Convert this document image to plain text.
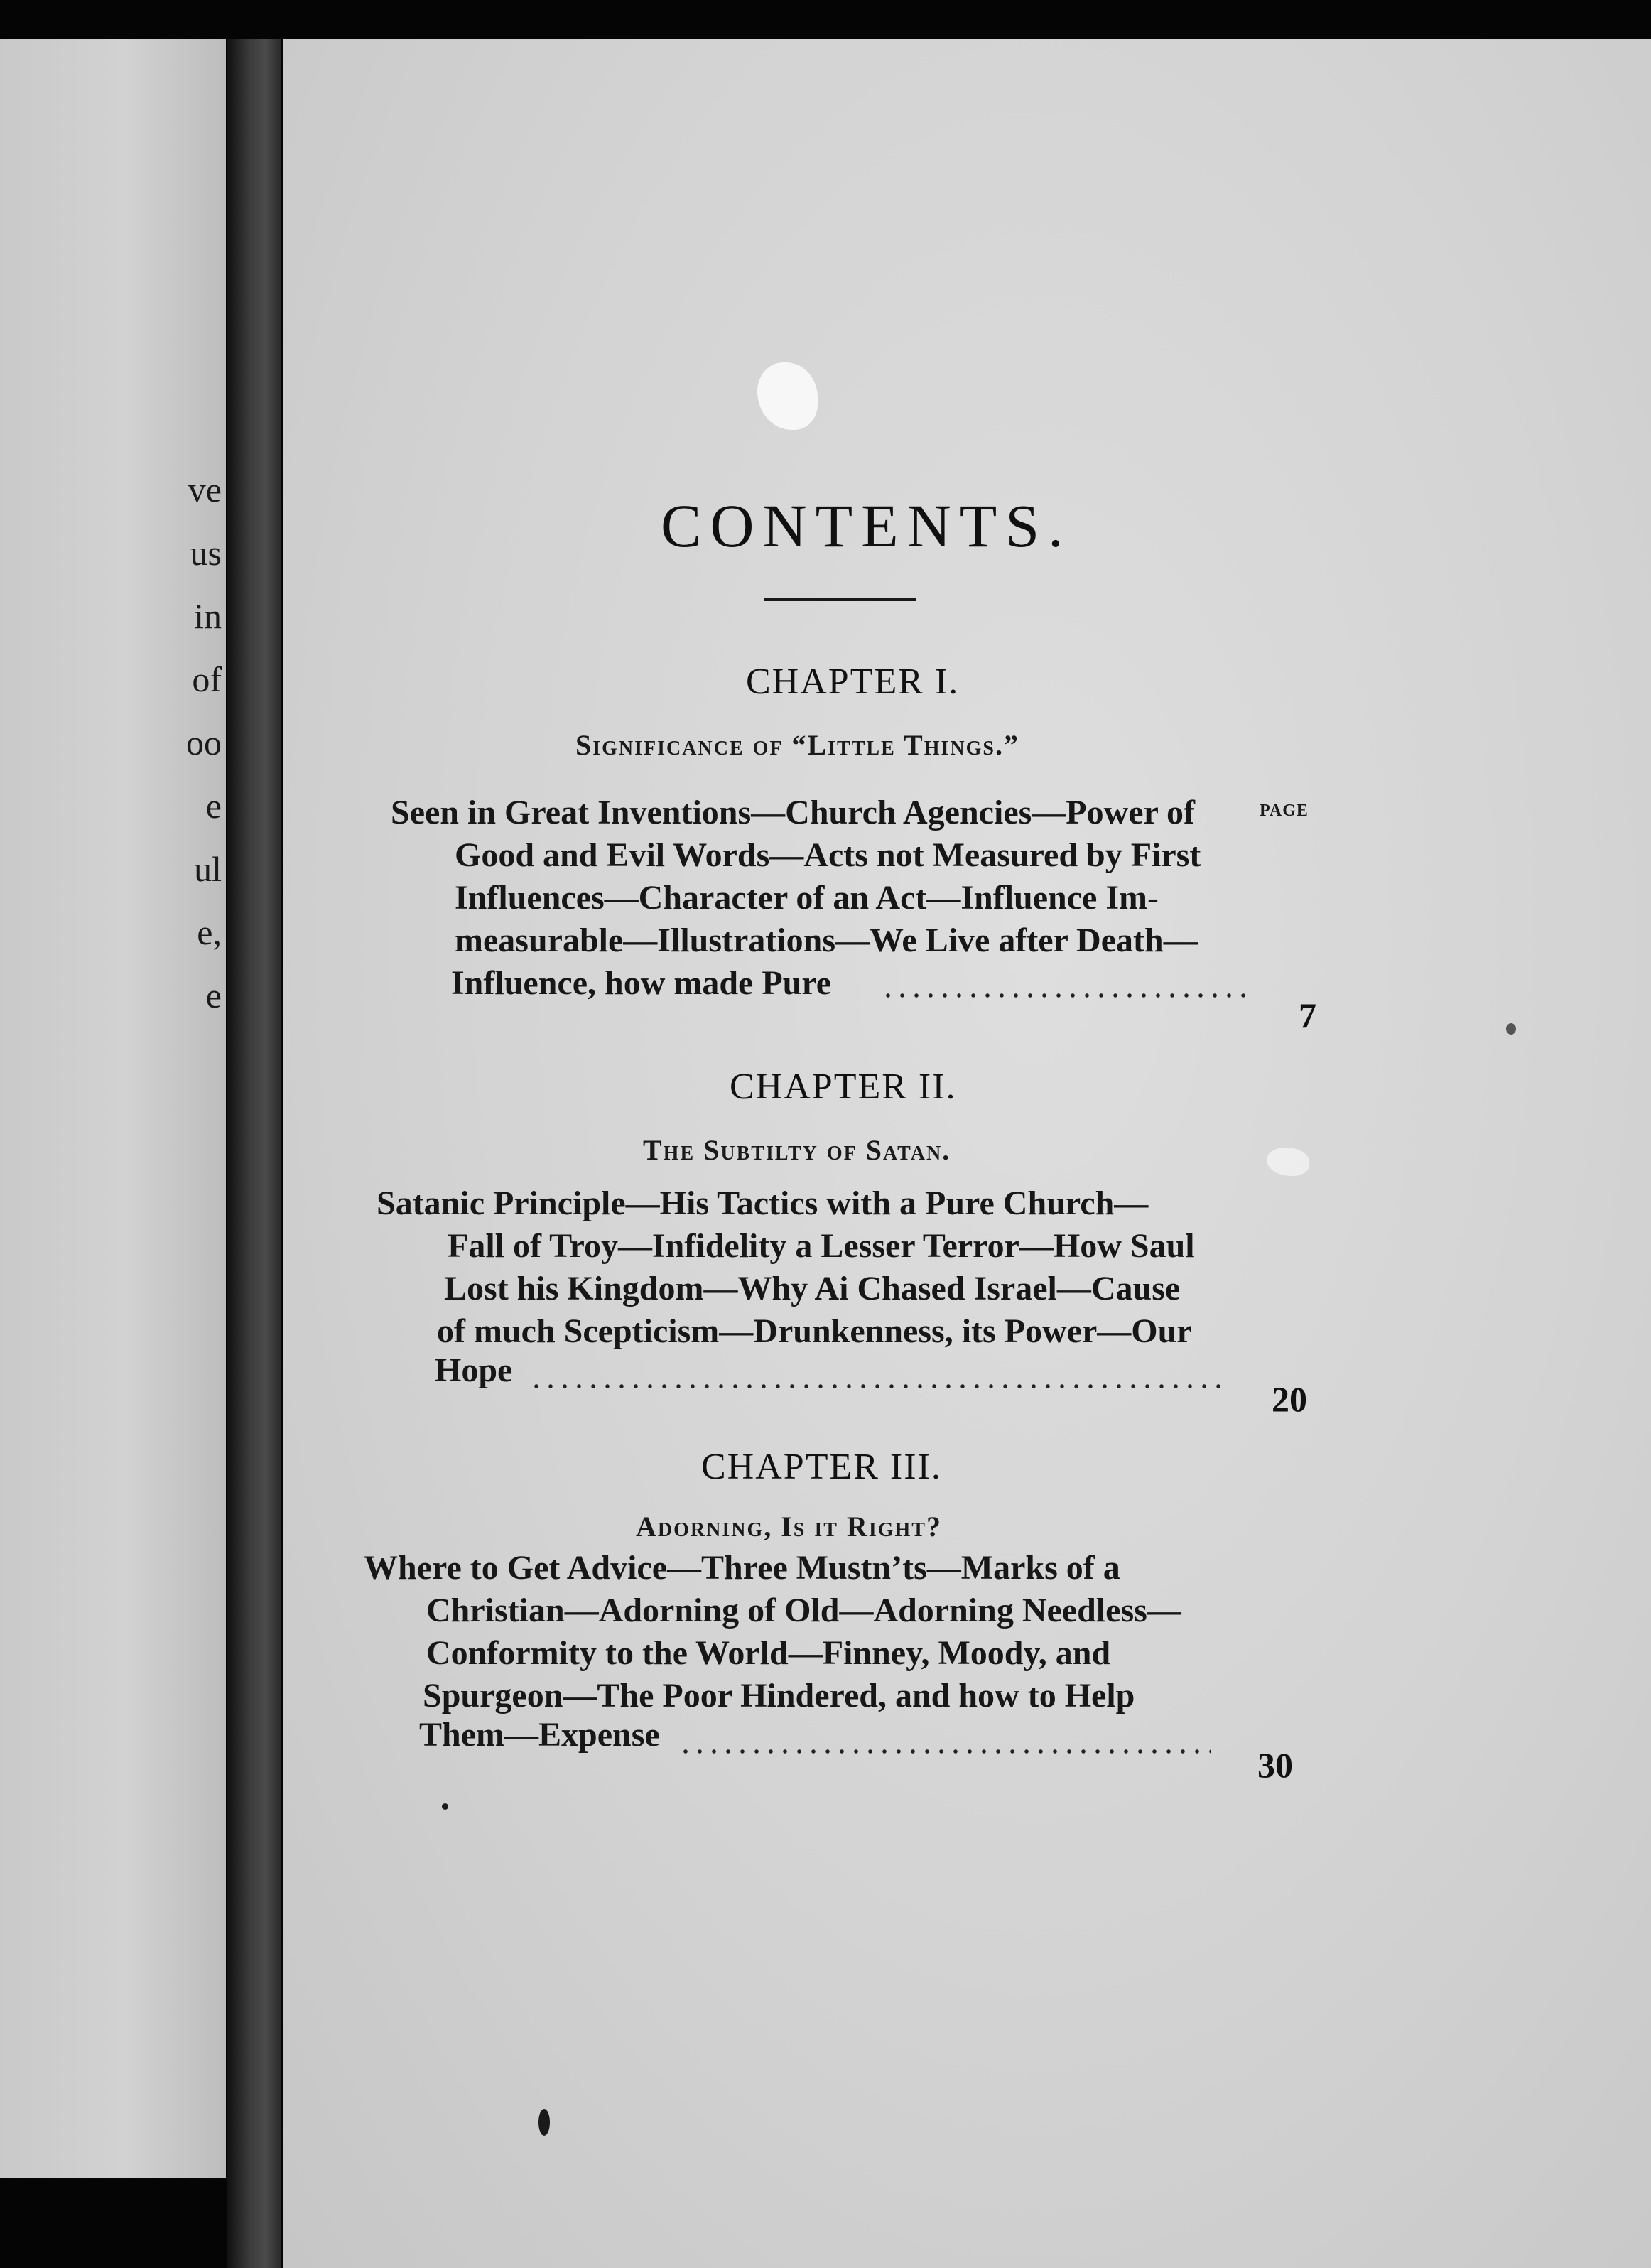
ve
us
in
of
oo
e
ul
e,
e
CONTENTS.
PAGE
CHAPTER I.
Significance of “Little Things.”
Seen in Great Inventions—Church Agencies—Power of
Good and Evil Words—Acts not Measured by First
Influences—Character of an Act—Influence Im-
measurable—Illustrations—We Live after Death—
Influence, how made Pure
7
CHAPTER II.
The Subtilty of Satan.
Satanic Principle—His Tactics with a Pure Church—
Fall of Troy—Infidelity a Lesser Terror—How Saul
Lost his Kingdom—Why Ai Chased Israel—Cause
of much Scepticism—Drunkenness, its Power—Our
Hope
20
CHAPTER III.
Adorning, Is it Right?
Where to Get Advice—Three Mustn’ts—Marks of a
Christian—Adorning of Old—Adorning Needless—
Conformity to the World—Finney, Moody, and
Spurgeon—The Poor Hindered, and how to Help
Them—Expense
30
